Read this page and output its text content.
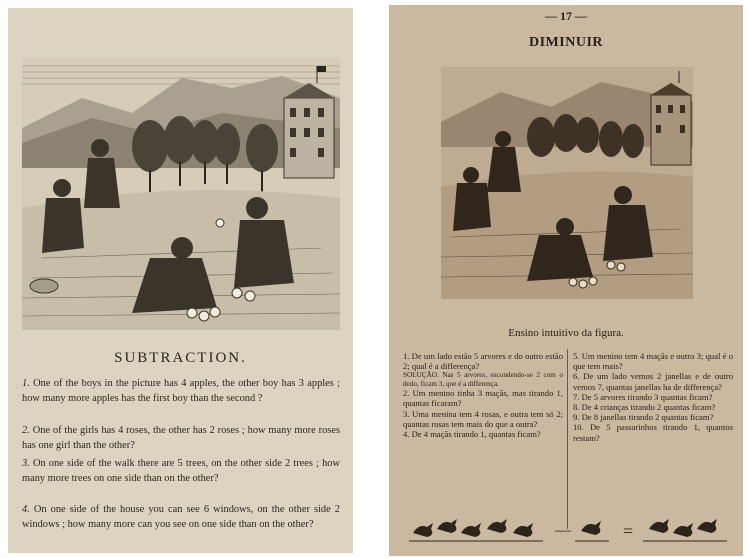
SUBTRACTION.
1. One of the boys in the picture has 4 apples, the other boy has 3 apples ; how many more apples has the first boy than the second ?
2. One of the girls has 4 roses, the other has 2 roses ; how many more roses has one girl than the other?
3. On one side of the walk there are 5 trees, on the other side 2 trees ; how many more trees on one side than on the other?
4. On one side of the house you can see 6 windows, on the other side 2 windows ; how many more can you see on one side than on the other?
— 17 —
DIMINUIR
Ensino intuitivo da figura.

1. De um lado estão 5 arvores e do outro estão 2; qual é a differença?

SOLUÇÃO. Nas 5 arvores, escondendo-se 2 com o dedo, ficam 3, que é a differença.

2. Um menino tinha 3 maçãs, mas tirando 1, quantas ficaram?

3. Uma menina tem 4 rosas, e outra tem só 2; quantas rosas tem mais do que a outra?

4. De 4 maçãs tirando 1, quantas ficam?

5. Um menino tem 4 maçãs e outro 3; qual é o que tem mais?

6. De um lado vemos 2 janellas e de outro vemos 7, quantas janellas ha de differença?

7. De 5 arvores tirando 3 quantas ficam?

8. De 4 crianças tirando 2 quantas ficam?

9. De 8 janellas tirando 2 quantas ficam?

10. De 5 passarinhos tirando 1, quantos restam?

—	=
